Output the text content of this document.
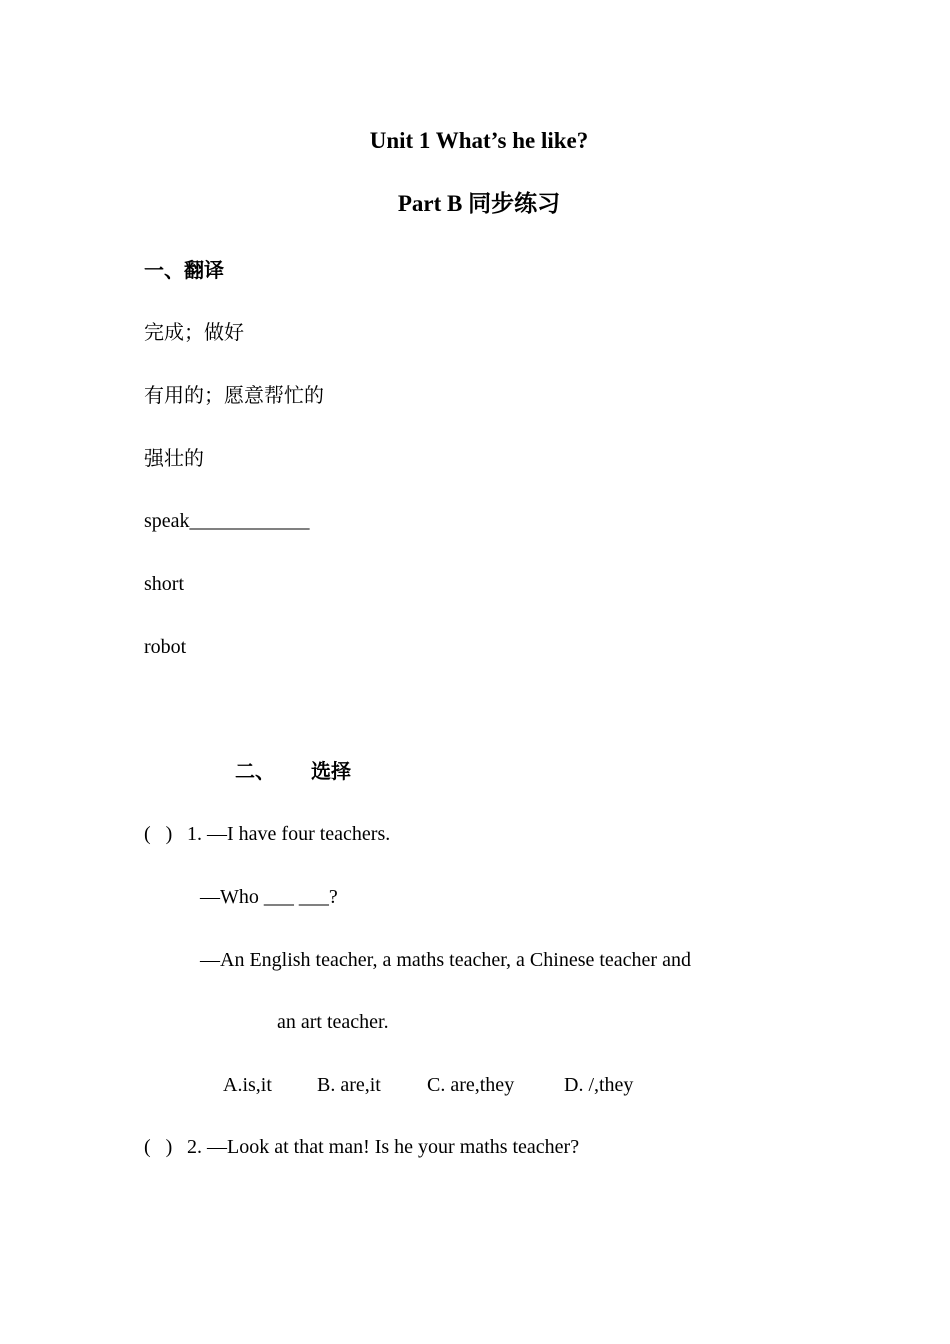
Unit 1 What’s he like?
Part B 同步练习
一、翻译
完成；做好
有用的；愿意帮忙的
强壮的
speak____________
short
robot
二、 选择
(   ) 1. —I have four teachers.
—Who ___ ___?
—An English teacher, a maths teacher, a Chinese teacher and
an art teacher.
A.is,it B. are,it C. are,they D. /,they
(   ) 2. —Look at that man! Is he your maths teacher?
